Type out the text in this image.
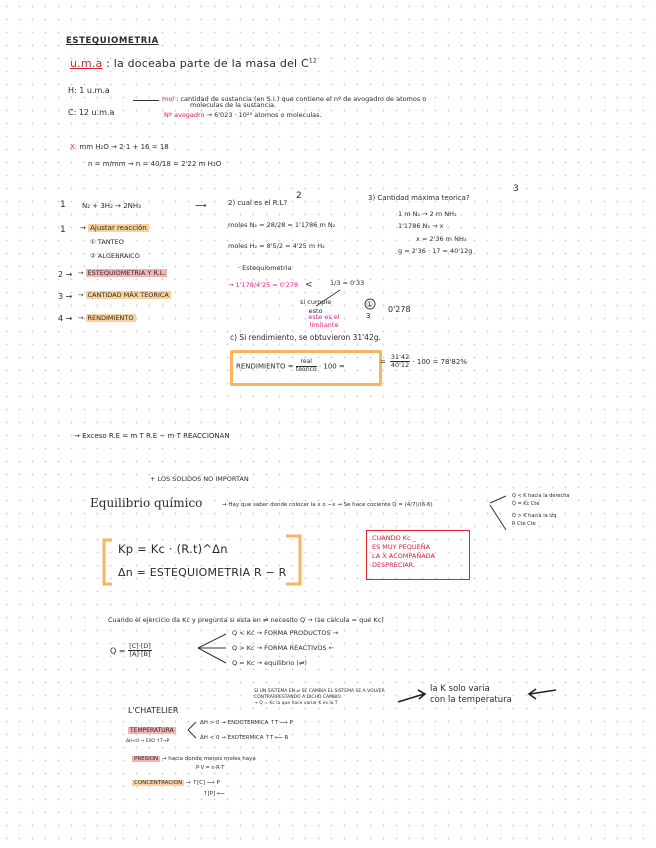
ESTEQUIOMETRIA
u.m.a : la doceaba parte de la masa del $C^{12}$
H: 1 u.m.a
C: 12 u.m.a
mol : cantidad de sustancia (en S.I.) que contiene el nº de avogadro de atomos o
moleculas de la sustancia.
Nº avogadro → 6'023 · 10²³ atomos o moleculas.
X: mm H₂O → 2·1 + 16 = 18
n = m/mm → n = 40/18 = 2'22 m H₂O
1 N₂ + 3H₂ → 2NH₃	⟶
1 → Ajustar reacción
① TANTEO
② ALGEBRAICO
2 → → ESTEQUIOMETRIA Y R.L.
3 → → CANTIDAD MÁX TEORICA
4 → → RENDIMIENTO
2) cual es el R.L?
2
moles N₂ = 28/28 = 1'1786 m N₂
moles H₂ = 8'5/2 = 4'25 m H₂
· Estequiometria
→ 1'178/4'25 = 0'278 <	1/3 = 0'33
si cumple
esto
este es el limitante
①
3
0'278
3) Cantidad máxima teorica?
3
1 m N₂ → 2 m NH₃
1'1786 N₂ → x
x = 2'36 m NH₃
g = 2'36 · 17 = 40'12g
c) Si rendimiento, se obtuvieron 31'42g.
RENDIMIENTO = $\frac{\text{real}}{\text{teorico}} \cdot 100$ =
= $\frac{31'42}{40'12} \cdot 100 = 78'82\%$
→ Exceso R.E = m T R.E − m T REACCIONAN
+ LOS SOLIDOS NO IMPORTAN
Equilibrio químico	→ Hay que saber donde colocar la x o −x → Se hace cociente Q = (4/7)/(6·6)
Q < K hacia la derecha
Q = Kc Cte
Q > K hacia la izq
R Cte Cte
Kp = Kc · (R.t)^Δn
Δn = ESTEQUIOMETRIA R − R
CUANDO Kc _
ES MUY PEQUEÑA
LA X ACOMPAÑADA
DESPRECIAR.
Cuando el ejercicio da Kc y pregunta si esta en ⇌ necesito Q → (se calcula = que Kc)
$Q = \frac{[C]\cdot[D]}{[A]\cdot[B]}$
Q < Kc → FORMA PRODUCTOS →
Q > Kc → FORMA REACTIVOS ←
Q = Kc → equilibrio (⇌)
SI UN SISTEMA EN ⇌ SE CAMBIA EL SISTEMA SE A VOLVER
CONTRARRESTANDO A DICHO CAMBIO
→ Q = Kc la que hace variar K es la T
L'CHATELIER
TEMPERATURA
ΔH<0 → EXO ↑T→P
ΔH > 0 → ENDOTERMICA ↑T ⟶ P
ΔH < 0 → EXOTERMICA ↑T ⟵ R
PRESION → hacia donde menos moles haya
P·V = n·R·T
CONCENTRACION → ↑[C] ⟶ P
↑[P] ⟵
la K solo varia
con la temperatura
